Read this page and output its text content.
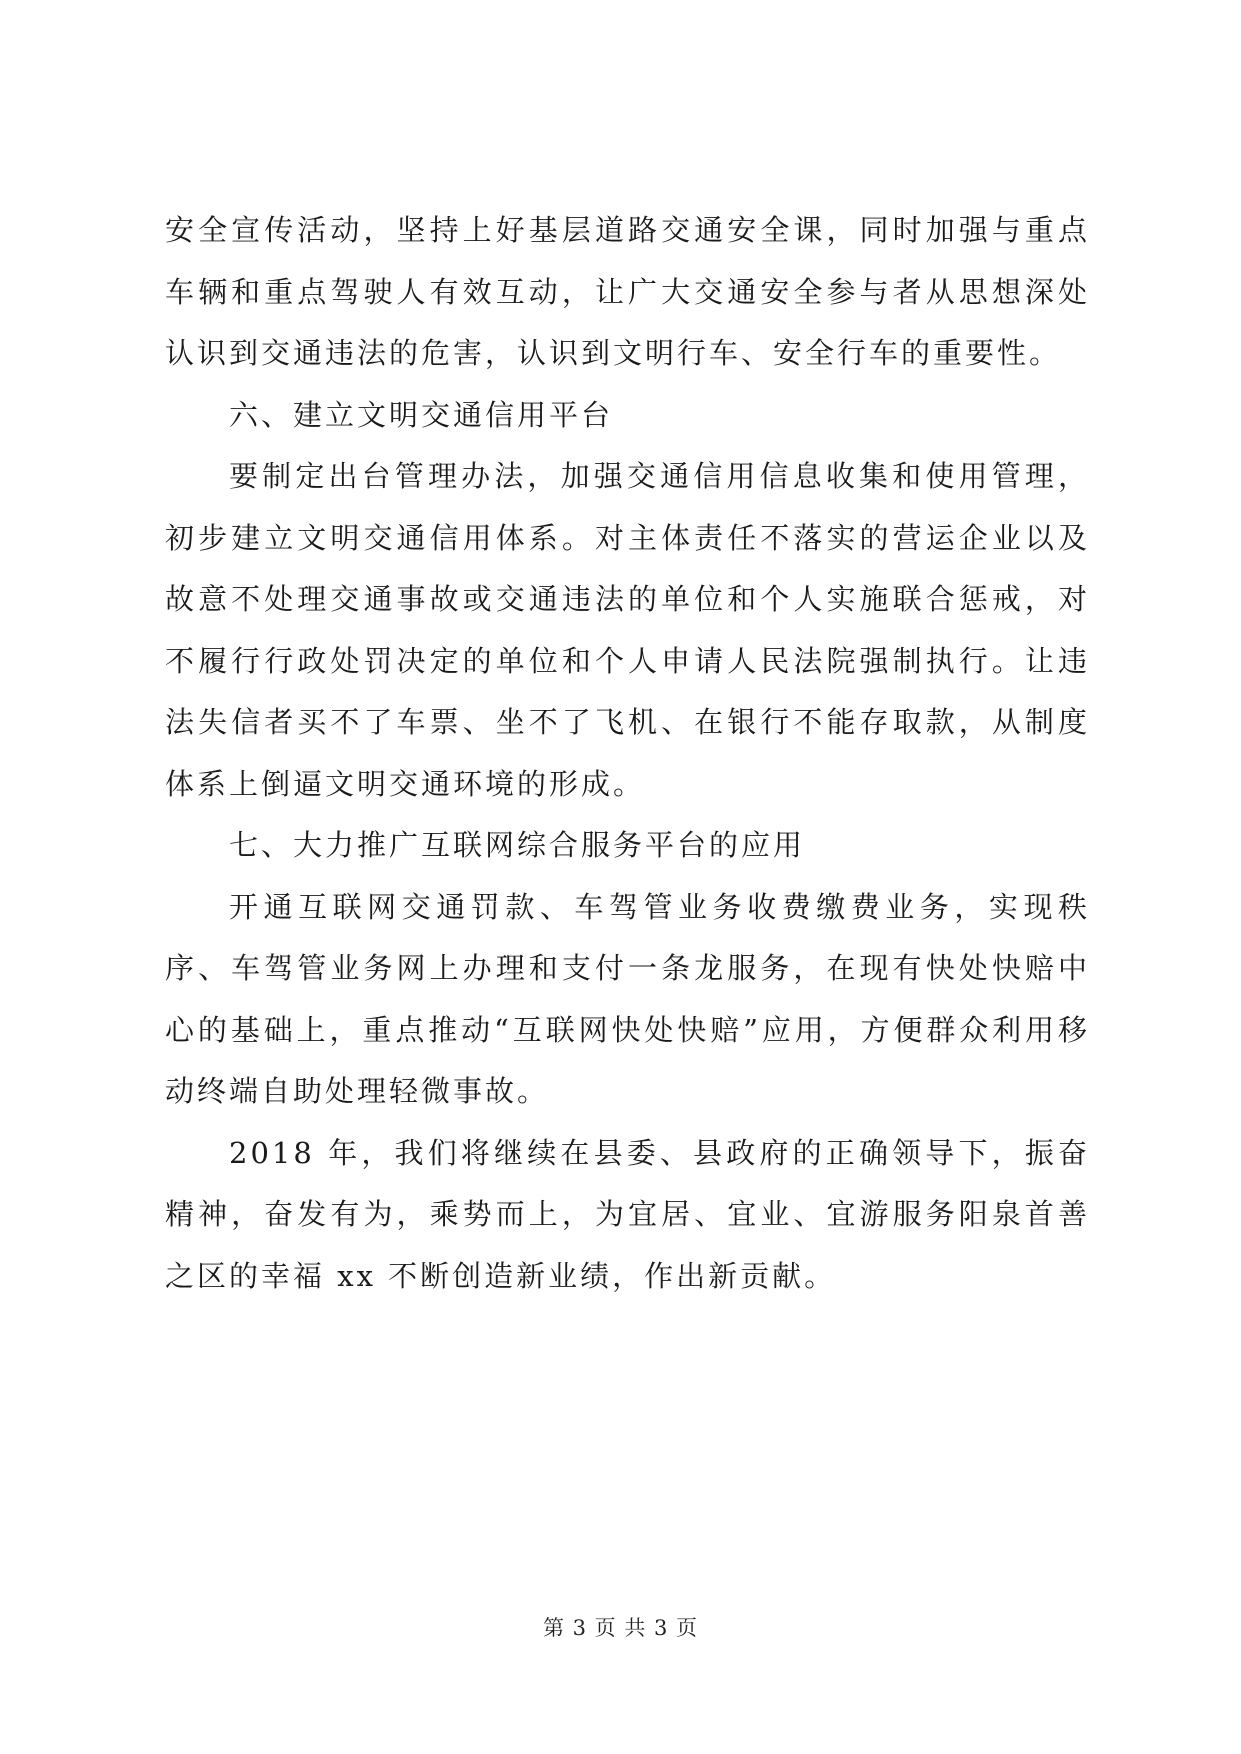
安全宣传活动，坚持上好基层道路交通安全课，同时加强与重点车辆和重点驾驶人有效互动，让广大交通安全参与者从思想深处认识到交通违法的危害，认识到文明行车、安全行车的重要性。

六、建立文明交通信用平台

要制定出台管理办法，加强交通信用信息收集和使用管理，初步建立文明交通信用体系。对主体责任不落实的营运企业以及故意不处理交通事故或交通违法的单位和个人实施联合惩戒，对不履行行政处罚决定的单位和个人申请人民法院强制执行。让违法失信者买不了车票、坐不了飞机、在银行不能存取款，从制度体系上倒逼文明交通环境的形成。

七、大力推广互联网综合服务平台的应用

开通互联网交通罚款、车驾管业务收费缴费业务，实现秩序、车驾管业务网上办理和支付一条龙服务，在现有快处快赔中心的基础上，重点推动“互联网快处快赔”应用，方便群众利用移动终端自助处理轻微事故。

2018 年，我们将继续在县委、县政府的正确领导下，振奋精神，奋发有为，乘势而上，为宜居、宜业、宜游服务阳泉首善之区的幸福 xx 不断创造新业绩，作出新贡献。

第 3 页 共 3 页
